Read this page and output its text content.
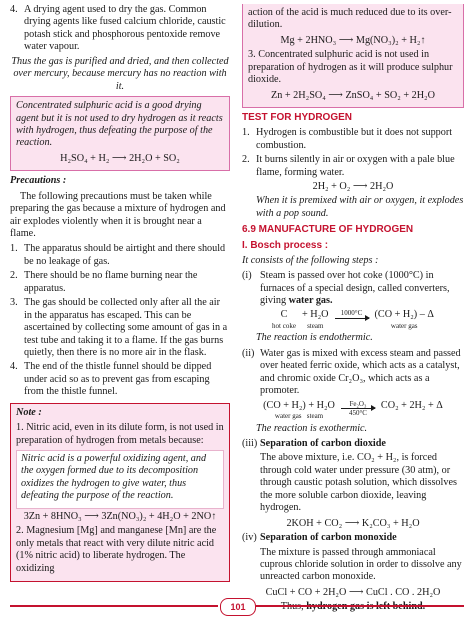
4. A drying agent used to dry the gas. Common drying agents like fused calcium chloride, caustic potash stick and phosphorous pentoxide remove water vapour.

Thus the gas is purified and dried, and then collected over mercury, because mercury has no reaction with it.

Concentrated sulphuric acid is a good drying agent but it is not used to dry hydrogen as it reacts with hydrogen, thus defeating the purpose of the reaction.

H₂SO₄ + H₂ ⟶ 2H₂O + SO₂

Precautions :

The following precautions must be taken while preparing the gas because a mixture of hydrogen and air explodes violently when it is brought near a flame.

1. The apparatus should be airtight and there should be no leakage of gas.
2. There should be no flame burning near the apparatus.
3. The gas should be collected only after all the air in the apparatus has escaped. This can be ascertained by collecting some amount of gas in a test tube and taking it to a flame. If the gas burns quietly, then there is no more air in the flask.
4. The end of the thistle funnel should be dipped under acid so as to prevent gas from escaping from the thistle funnel.

Note :

1. Nitric acid, even in its dilute form, is not used in preparation of hydrogen from metals because:

Nitric acid is a powerful oxidizing agent, and the oxygen formed due to its decomposition oxidizes the hydrogen to give water, thus defeating the purpose of the reaction.

3Zn + 8HNO₃ ⟶ 3Zn(NO₃)₂ + 4H₂O + 2NO↑

2. Magnesium [Mg] and manganese [Mn] are the only metals that react with very dilute nitric acid (1% nitric acid) to liberate hydrogen. The oxidizing

action of the acid is much reduced due to its over-dilution.

Mg + 2HNO₃ ⟶ Mg(NO₃)₂ + H₂↑

3. Concentrated sulphuric acid is not used in preparation of hydrogen as it will produce sulphur dioxide.

Zn + 2H₂SO₄ ⟶ ZnSO₄ + SO₂ + 2H₂O

TEST FOR HYDROGEN

1. Hydrogen is combustible but it does not support combustion.
2. It burns silently in air or oxygen with a pale blue flame, forming water.
2H₂ + O₂ ⟶ 2H₂O

When it is premixed with air or oxygen, it explodes with a pop sound.

6.9 MANUFACTURE OF HYDROGEN

I. Bosch process :

It consists of the following steps :

(i) Steam is passed over hot coke (1000°C) in furnaces of a special design, called converters, giving water gas.
C
hot coke
+ H₂O
steam
1000°C	(CO + H₂) – Δ
water gas

The reaction is endothermic.

(ii) Water gas is mixed with excess steam and passed over heated ferric oxide, which acts as a catalyst, and chromic oxide Cr₂O₃, which acts as a promoter.
(CO + H₂) + H₂O
water gas steam
Fe₂O₃
450°C
CO₂ + 2H₂ + Δ

The reaction is exothermic.

(iii) Separation of carbon dioxide

The above mixture, i.e. CO₂ + H₂, is forced through cold water under pressure (30 atm), or through caustic potash solution, which dissolves the more soluble carbon dioxide, leaving hydrogen.

2KOH + CO₂ ⟶ K₂CO₃ + H₂O
(iv) Separation of carbon monoxide

The mixture is passed through ammoniacal cuprous chloride solution in order to dissolve any unreacted carbon monoxide.

CuCl + CO + 2H₂O ⟶ CuCl . CO . 2H₂O

101
